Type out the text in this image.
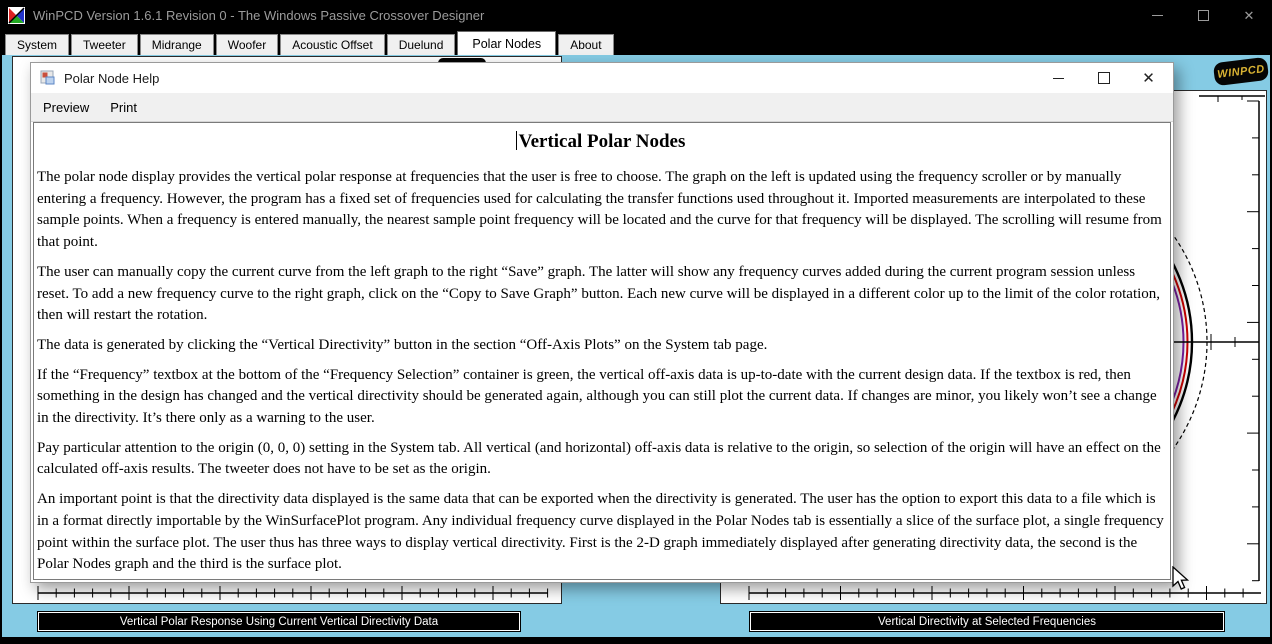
WinPCD Version 1.6.1 Revision 0 - The Windows Passive Crossover Designer	✕
System	Tweeter	Midrange	Woofer	Acoustic Offset	Duelund	Polar Nodes	About
WINPCD
Vertical Polar Response Using Current Vertical Directivity Data	Vertical Directivity at Selected Frequencies
Polar Node Help	✕
Preview	Print
Vertical Polar Nodes

The polar node display provides the vertical polar response at frequencies that the user is free to choose. The graph on the left is updated using the frequency scroller or by manually entering a frequency. However, the program has a fixed set of frequencies used for calculating the transfer functions used throughout it. Imported measurements are interpolated to these sample points. When a frequency is entered manually, the nearest sample point frequency will be located and the curve for that frequency will be displayed. The scrolling will resume from that point.

The user can manually copy the current curve from the left graph to the right “Save” graph. The latter will show any frequency curves added during the current program session unless reset. To add a new frequency curve to the right graph, click on the “Copy to Save Graph” button. Each new curve will be displayed in a different color up to the limit of the color rotation, then will restart the rotation.

The data is generated by clicking the “Vertical Directivity” button in the section “Off-Axis Plots” on the System tab page.

If the “Frequency” textbox at the bottom of the “Frequency Selection” container is green, the vertical off-axis data is up-to-date with the current design data. If the textbox is red, then something in the design has changed and the vertical directivity should be generated again, although you can still plot the current data. If changes are minor, you likely won’t see a change in the directivity. It’s there only as a warning to the user.

Pay particular attention to the origin (0, 0, 0) setting in the System tab. All vertical (and horizontal) off-axis data is relative to the origin, so selection of the origin will have an effect on the calculated off-axis results. The tweeter does not have to be set as the origin.

An important point is that the directivity data displayed is the same data that can be exported when the directivity is generated. The user has the option to export this data to a file which is in a format directly importable by the WinSurfacePlot program. Any individual frequency curve displayed in the Polar Nodes tab is essentially a slice of the surface plot, a single frequency point within the surface plot. The user thus has three ways to display vertical directivity. First is the 2-D graph immediately displayed after generating directivity data, the second is the Polar Nodes graph and the third is the surface plot.
